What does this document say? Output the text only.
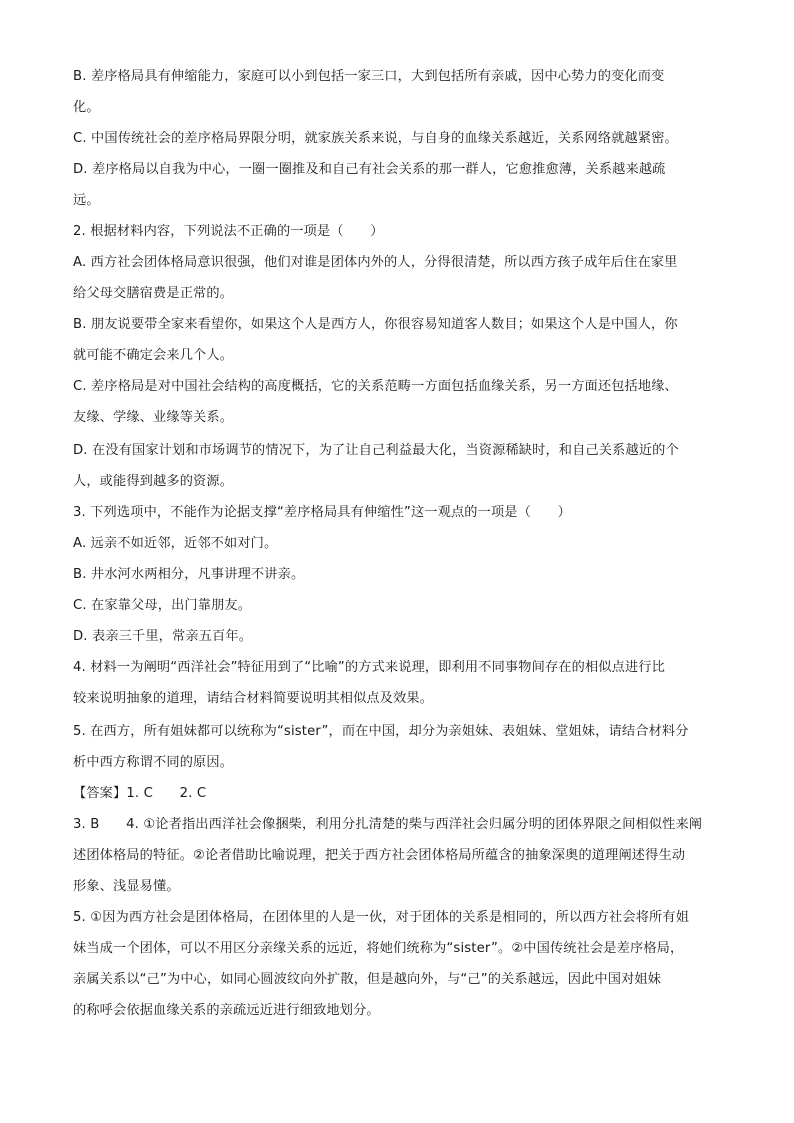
B. 差序格局具有伸缩能力，家庭可以小到包括一家三口，大到包括所有亲戚，因中心势力的变化而变
化。
C. 中国传统社会的差序格局界限分明，就家族关系来说，与自身的血缘关系越近，关系网络就越紧密。
D. 差序格局以自我为中心，一圈一圈推及和自己有社会关系的那一群人，它愈推愈薄，关系越来越疏
远。
2. 根据材料内容，下列说法不正确的一项是（　　）
A. 西方社会团体格局意识很强，他们对谁是团体内外的人，分得很清楚，所以西方孩子成年后住在家里
给父母交膳宿费是正常的。
B. 朋友说要带全家来看望你，如果这个人是西方人，你很容易知道客人数目；如果这个人是中国人，你
就可能不确定会来几个人。
C. 差序格局是对中国社会结构的高度概括，它的关系范畴一方面包括血缘关系，另一方面还包括地缘、
友缘、学缘、业缘等关系。
D. 在没有国家计划和市场调节的情况下，为了让自己利益最大化，当资源稀缺时，和自己关系越近的个
人，或能得到越多的资源。
3. 下列选项中，不能作为论据支撑“差序格局具有伸缩性”这一观点的一项是（　　）
A. 远亲不如近邻，近邻不如对门。
B. 井水河水两相分，凡事讲理不讲亲。
C. 在家靠父母，出门靠朋友。
D. 表亲三千里，常亲五百年。
4. 材料一为阐明“西洋社会”特征用到了“比喻”的方式来说理，即利用不同事物间存在的相似点进行比
较来说明抽象的道理，请结合材料简要说明其相似点及效果。
5. 在西方，所有姐妹都可以统称为“sister”，而在中国，却分为亲姐妹、表姐妹、堂姐妹，请结合材料分
析中西方称谓不同的原因。
【答案】1. C　　2. C
3. B　　4. ①论者指出西洋社会像捆柴，利用分扎清楚的柴与西洋社会归属分明的团体界限之间相似性来阐
述团体格局的特征。②论者借助比喻说理，把关于西方社会团体格局所蕴含的抽象深奥的道理阐述得生动
形象、浅显易懂。
5. ①因为西方社会是团体格局，在团体里的人是一伙，对于团体的关系是相同的，所以西方社会将所有姐
妹当成一个团体，可以不用区分亲缘关系的远近，将她们统称为“sister”。②中国传统社会是差序格局，
亲属关系以“己”为中心，如同心圆波纹向外扩散，但是越向外，与“己”的关系越远，因此中国对姐妹
的称呼会依据血缘关系的亲疏远近进行细致地划分。
